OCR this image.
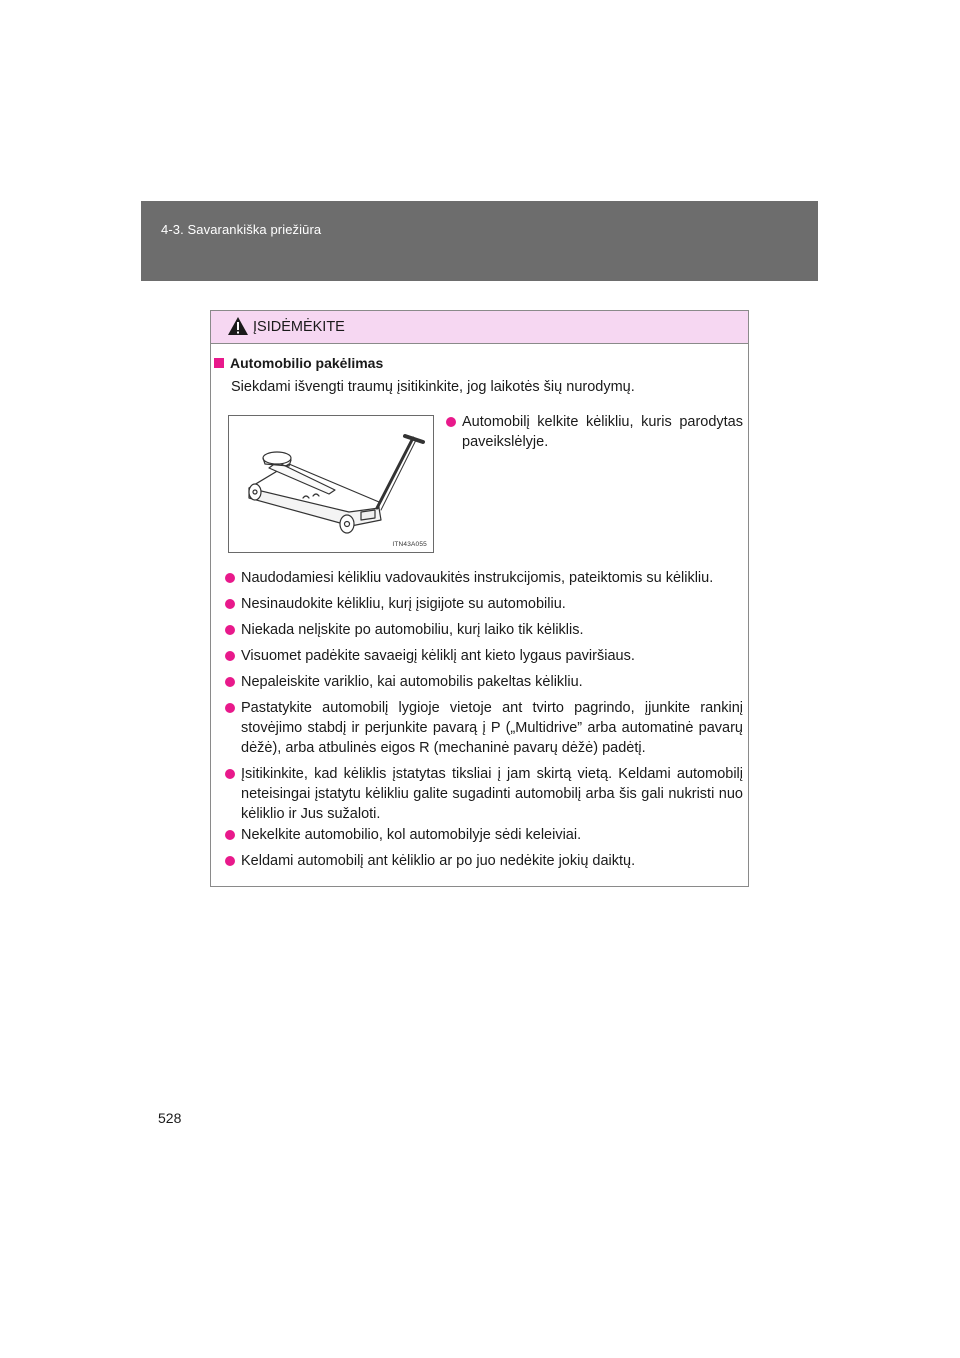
4-3. Savarankiška priežiūra
ĮSIDĖMĖKITE
Automobilio pakėlimas
Siekdami išvengti traumų įsitikinkite, jog laikotės šių nurodymų.
ITN43A055
Automobilį kelkite kėlikliu, kuris parodytas paveikslėlyje.
Naudodamiesi kėlikliu vadovaukitės instrukcijomis, pateiktomis su kėlikliu.
Nesinaudokite kėlikliu, kurį įsigijote su automobiliu.
Niekada nelįskite po automobiliu, kurį laiko tik kėliklis.
Visuomet padėkite savaeigį kėliklį ant kieto lygaus paviršiaus.
Nepaleiskite variklio, kai automobilis pakeltas kėlikliu.
Pastatykite automobilį lygioje vietoje ant tvirto pagrindo, įjunkite rankinį stovėjimo stabdį ir perjunkite pavarą į P („Multidrive” arba automatinė pavarų dėžė), arba atbulinės eigos R (mechaninė pavarų dėžė) padėtį.
Įsitikinkite, kad kėliklis įstatytas tiksliai į jam skirtą vietą. Keldami automobilį neteisingai įstatytu kėlikliu galite sugadinti automobilį arba šis gali nukristi nuo kėliklio ir Jus sužaloti.
Nekelkite automobilio, kol automobilyje sėdi keleiviai.
Keldami automobilį ant kėliklio ar po juo nedėkite jokių daiktų.
528
